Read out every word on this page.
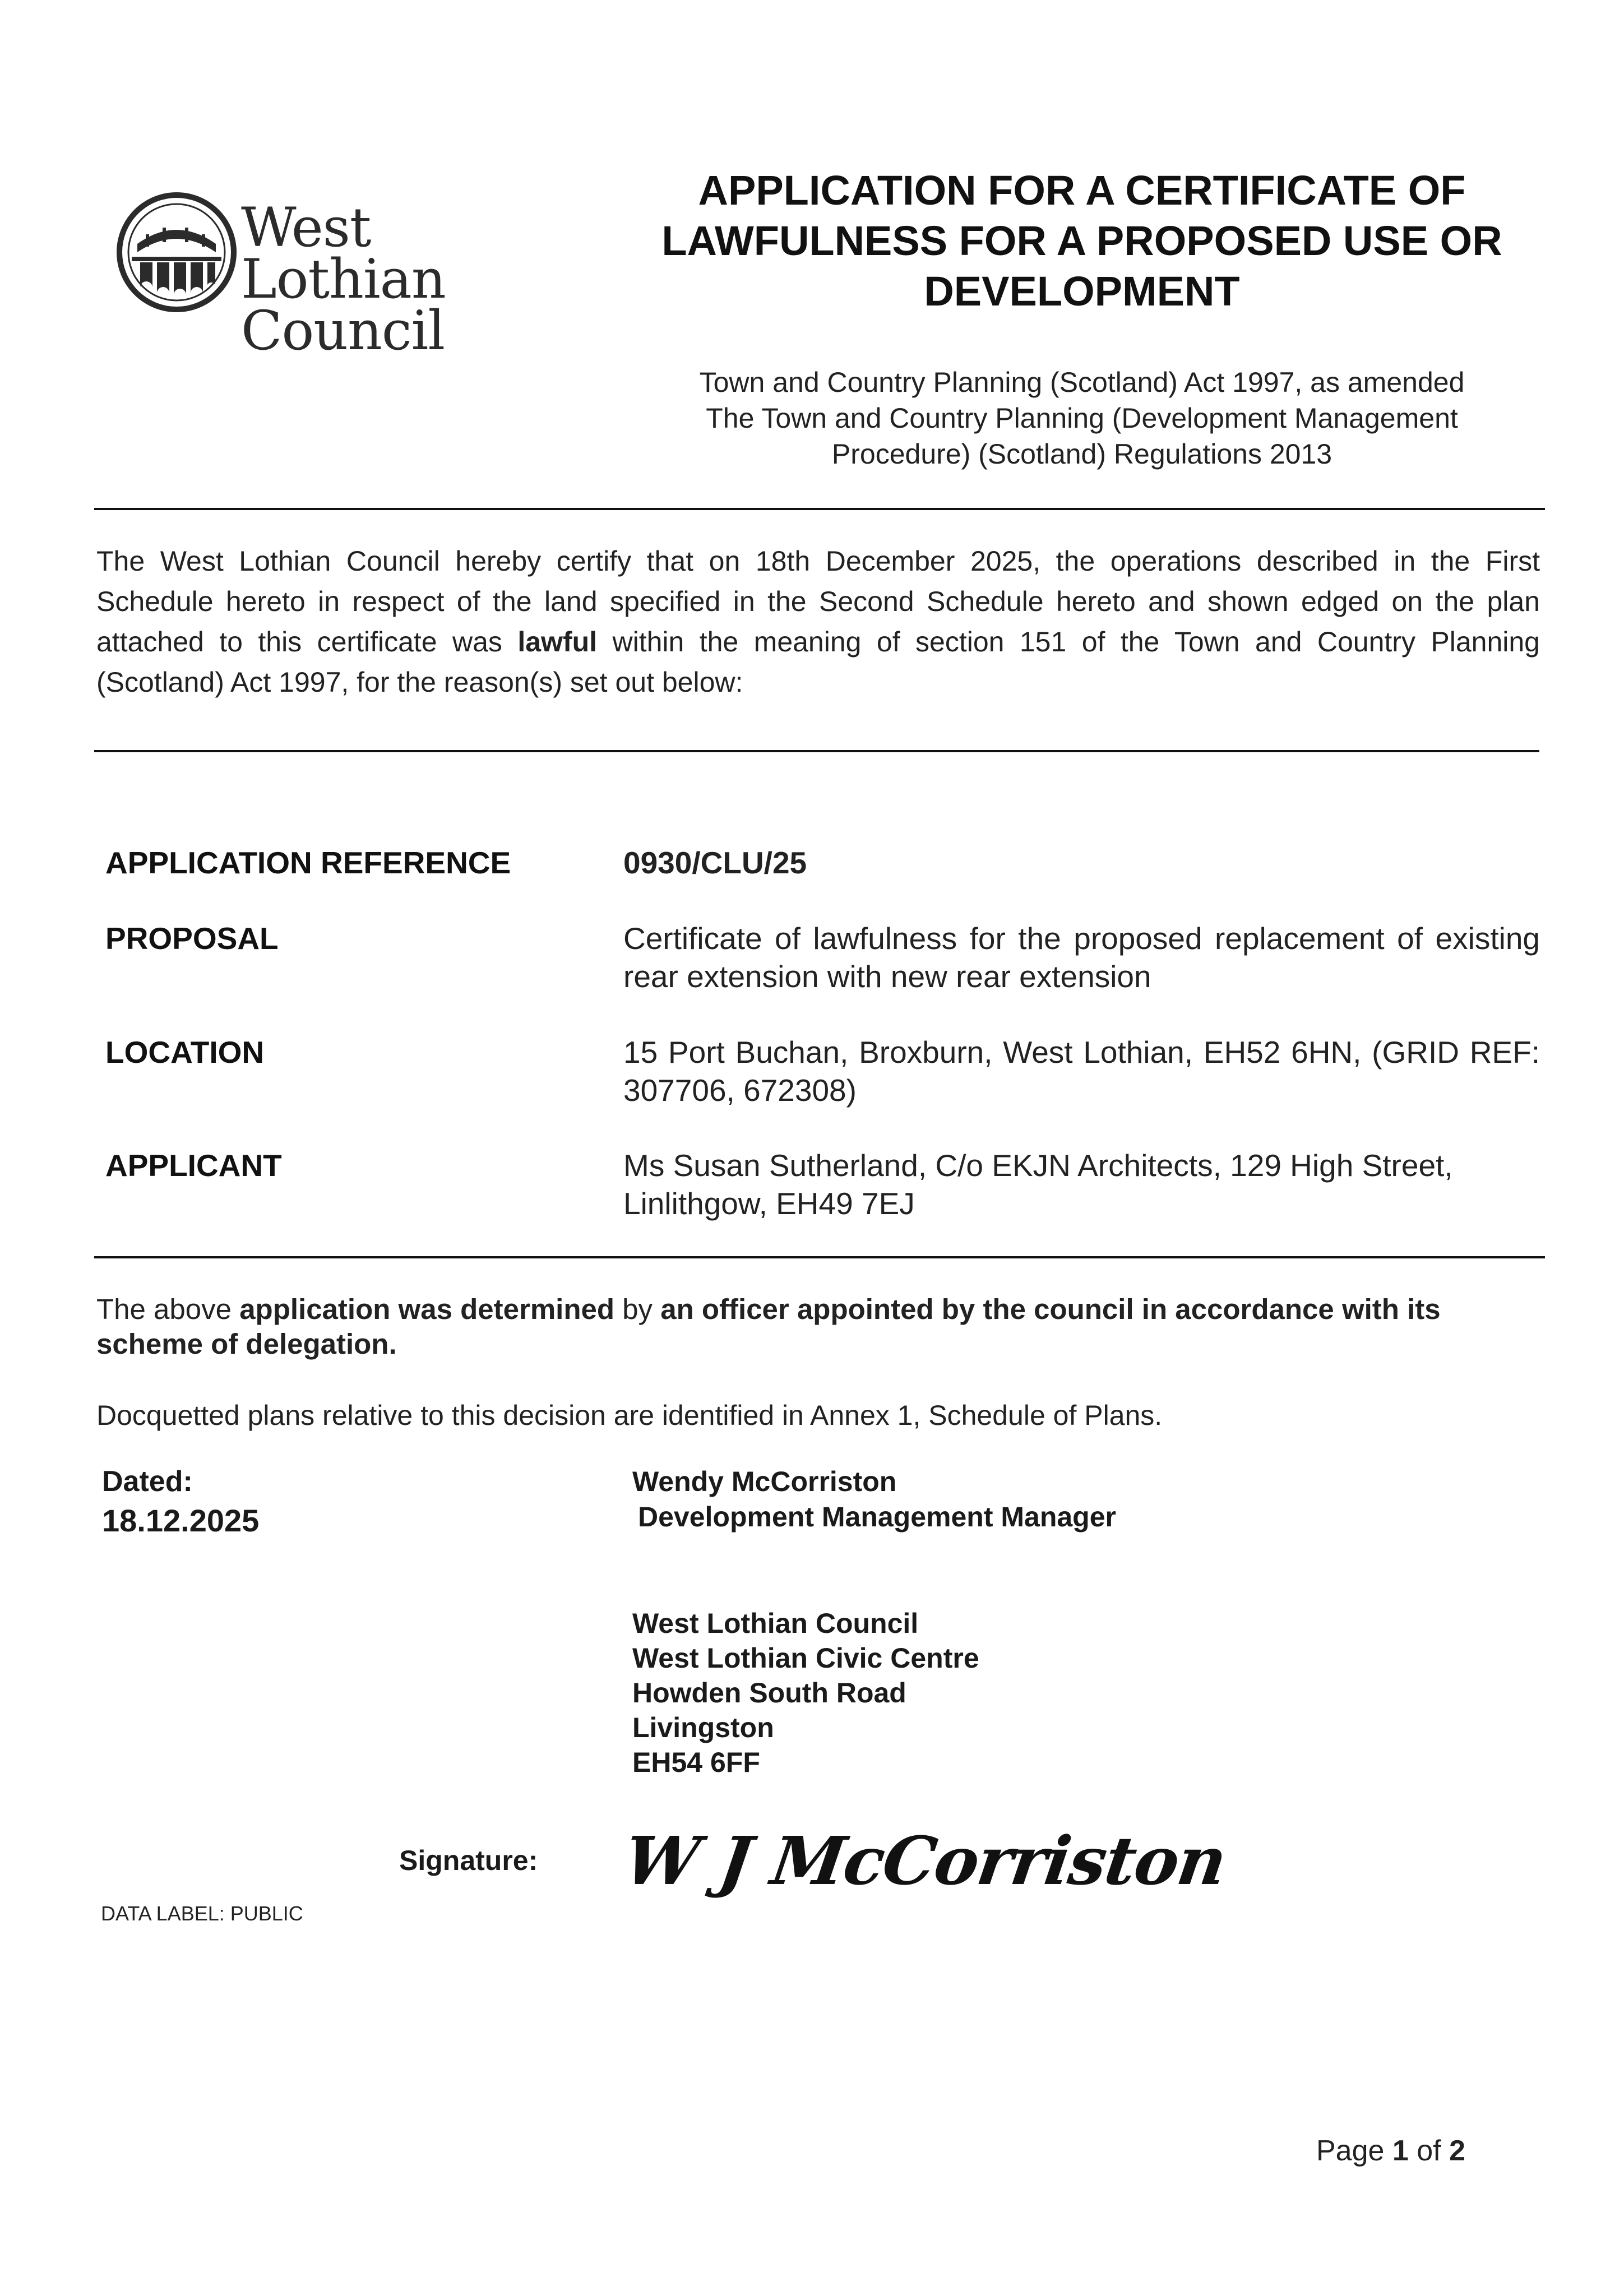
West Lothian
Council
APPLICATION FOR A CERTIFICATE OF
LAWFULNESS FOR A PROPOSED USE OR
DEVELOPMENT
Town and Country Planning (Scotland) Act 1997, as amended
The Town and Country Planning (Development Management
Procedure) (Scotland) Regulations 2013
The West Lothian Council hereby certify that on 18th December 2025, the operations described in the First Schedule hereto in respect of the land specified in the Second Schedule hereto and shown edged on the plan attached to this certificate was lawful within the meaning of section 151 of the Town and Country Planning (Scotland) Act 1997, for the reason(s) set out below:
APPLICATION REFERENCE	0930/CLU/25
PROPOSAL	Certificate of lawfulness for the proposed replacement of existing rear extension with new rear extension
LOCATION	15 Port Buchan, Broxburn, West Lothian, EH52 6HN, (GRID REF: 307706, 672308)
APPLICANT	Ms Susan Sutherland, C/o EKJN Architects, 129 High Street, Linlithgow, EH49 7EJ
The above application was determined by an officer appointed by the council in accordance with its scheme of delegation.
Docquetted plans relative to this decision are identified in Annex 1, Schedule of Plans.
Dated:
18.12.2025
Wendy McCorriston
Development Management Manager
West Lothian Council
West Lothian Civic Centre
Howden South Road
Livingston
EH54 6FF
Signature: W J McCorriston
DATA LABEL: PUBLIC
Page 1 of 2
